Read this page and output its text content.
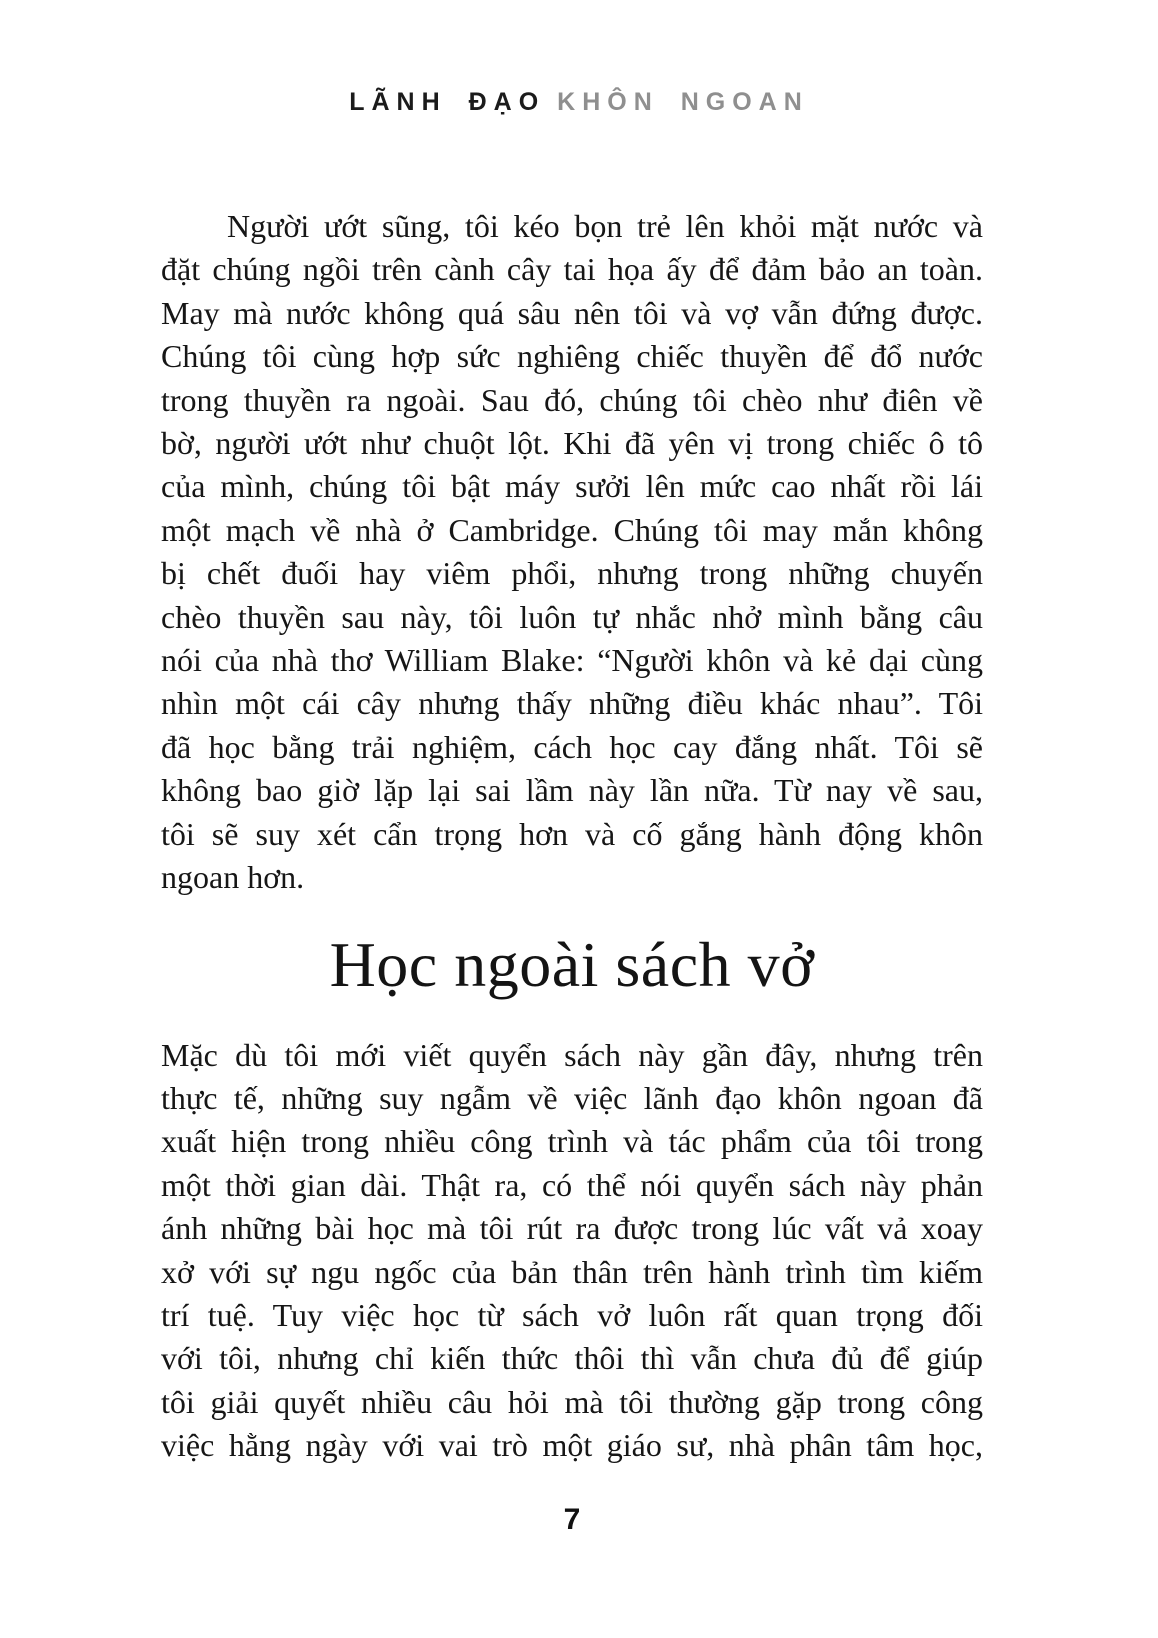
LÃNH ĐẠO KHÔN NGOAN
Người ướt sũng, tôi kéo bọn trẻ lên khỏi mặt nước và
đặt chúng ngồi trên cành cây tai họa ấy để đảm bảo an toàn.
May mà nước không quá sâu nên tôi và vợ vẫn đứng được.
Chúng tôi cùng hợp sức nghiêng chiếc thuyền để đổ nước
trong thuyền ra ngoài. Sau đó, chúng tôi chèo như điên về
bờ, người ướt như chuột lột. Khi đã yên vị trong chiếc ô tô
của mình, chúng tôi bật máy sưởi lên mức cao nhất rồi lái
một mạch về nhà ở Cambridge. Chúng tôi may mắn không
bị chết đuối hay viêm phổi, nhưng trong những chuyến
chèo thuyền sau này, tôi luôn tự nhắc nhở mình bằng câu
nói của nhà thơ William Blake: “Người khôn và kẻ dại cùng
nhìn một cái cây nhưng thấy những điều khác nhau”. Tôi
đã học bằng trải nghiệm, cách học cay đắng nhất. Tôi sẽ
không bao giờ lặp lại sai lầm này lần nữa. Từ nay về sau,
tôi sẽ suy xét cẩn trọng hơn và cố gắng hành động khôn
ngoan hơn.
Học ngoài sách vở
Mặc dù tôi mới viết quyển sách này gần đây, nhưng trên
thực tế, những suy ngẫm về việc lãnh đạo khôn ngoan đã
xuất hiện trong nhiều công trình và tác phẩm của tôi trong
một thời gian dài. Thật ra, có thể nói quyển sách này phản
ánh những bài học mà tôi rút ra được trong lúc vất vả xoay
xở với sự ngu ngốc của bản thân trên hành trình tìm kiếm
trí tuệ. Tuy việc học từ sách vở luôn rất quan trọng đối
với tôi, nhưng chỉ kiến thức thôi thì vẫn chưa đủ để giúp
tôi giải quyết nhiều câu hỏi mà tôi thường gặp trong công
việc hằng ngày với vai trò một giáo sư, nhà phân tâm học,
7
